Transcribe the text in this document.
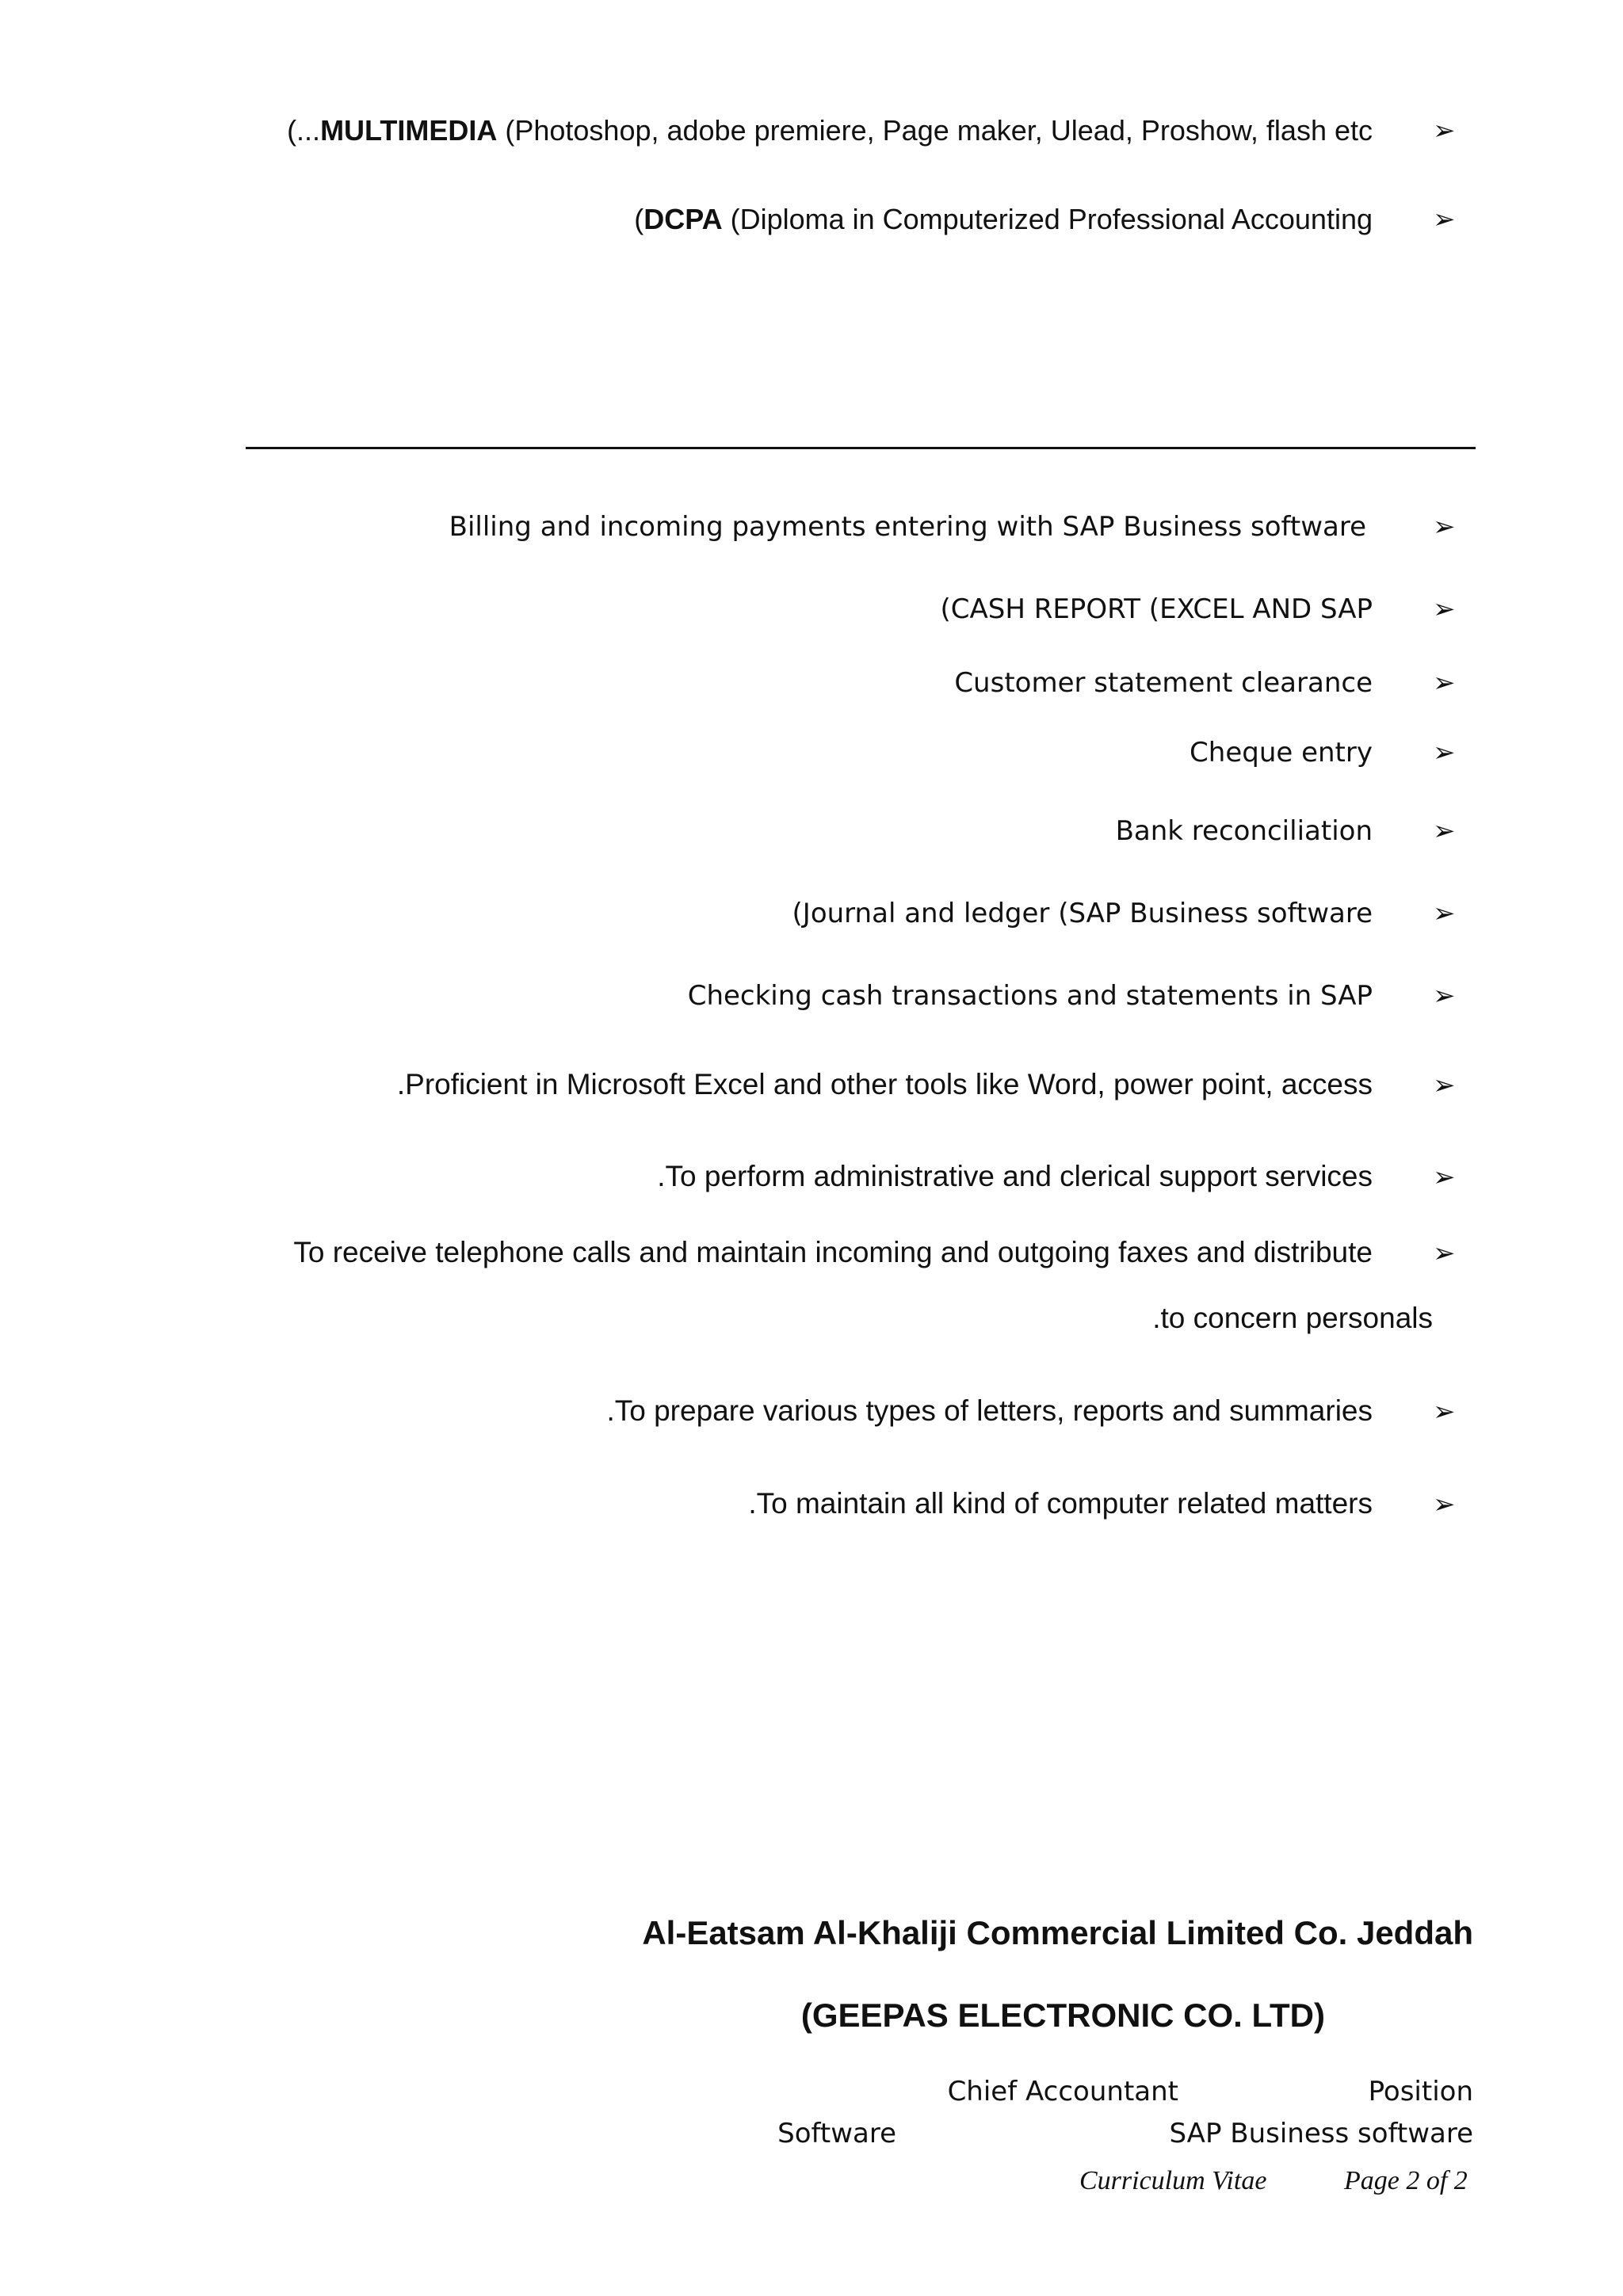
(...MULTIMEDIA (Photoshop, adobe premiere, Page maker, Ulead, Proshow, flash etc ➢
(DCPA (Diploma in Computerized Professional Accounting ➢
Billing and incoming payments entering with SAP Business software ➢
(CASH REPORT (EXCEL AND SAP ➢
Customer statement clearance ➢
Cheque entry ➢
Bank reconciliation ➢
(Journal and ledger (SAP Business software ➢
Checking cash transactions and statements in SAP ➢
.Proficient in Microsoft Excel and other tools like Word, power point, access ➢
.To perform administrative and clerical support services ➢
To receive telephone calls and maintain incoming and outgoing faxes and distribute ➢
.to concern personals
.To prepare various types of letters, reports and summaries ➢
.To maintain all kind of computer related matters ➢
Al-Eatsam Al-Khaliji Commercial Limited Co. Jeddah
(GEEPAS ELECTRONIC CO. LTD)
Position
Chief Accountant
SAP Business software
Software
Curriculum Vitae	Page 2 of 2
